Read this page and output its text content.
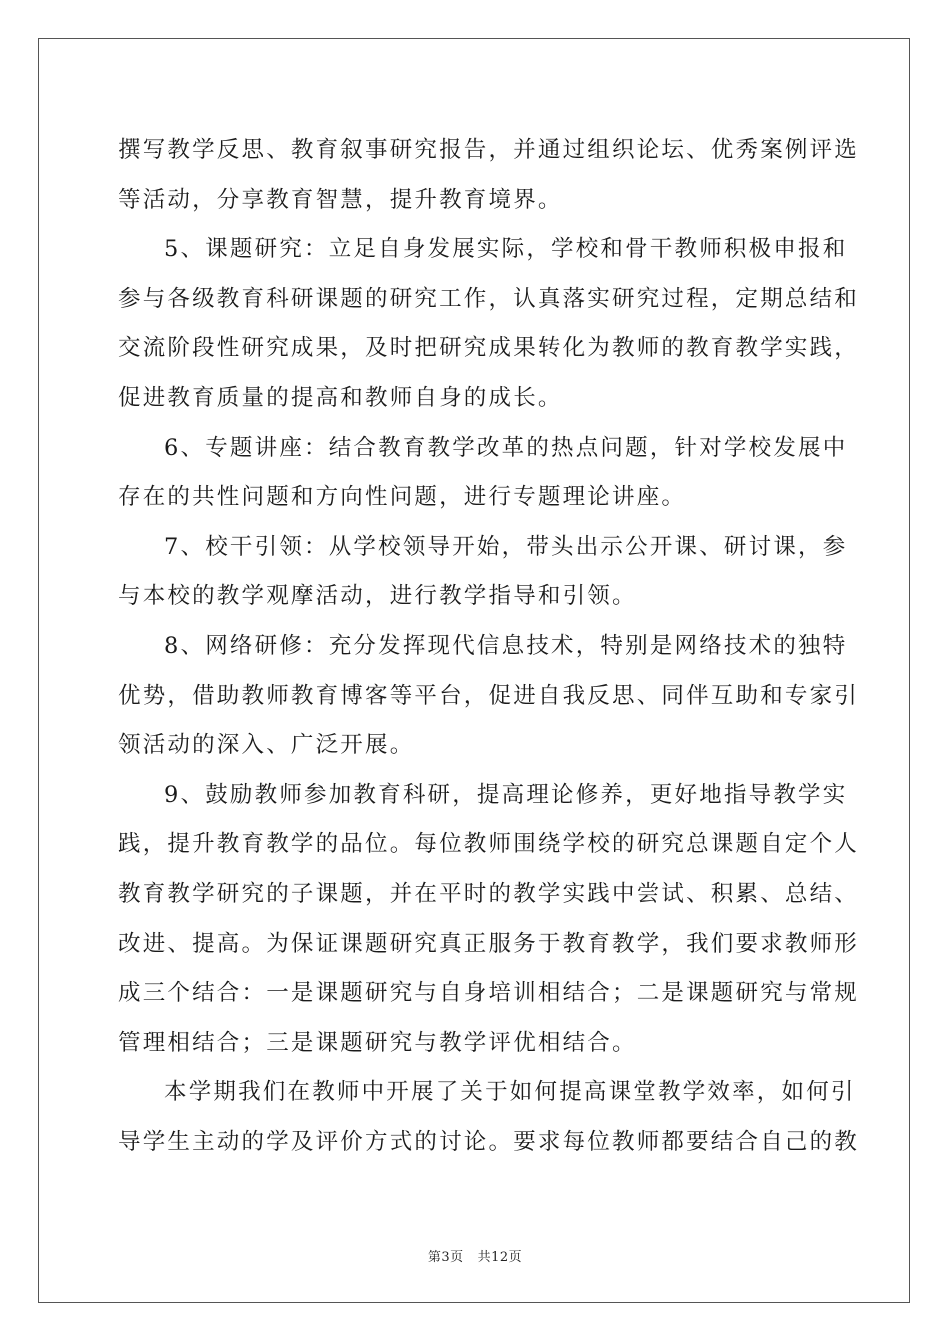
撰写教学反思、教育叙事研究报告，并通过组织论坛、优秀案例评选
等活动，分享教育智慧，提升教育境界。
5、课题研究：立足自身发展实际，学校和骨干教师积极申报和
参与各级教育科研课题的研究工作，认真落实研究过程，定期总结和
交流阶段性研究成果，及时把研究成果转化为教师的教育教学实践，
促进教育质量的提高和教师自身的成长。
6、专题讲座：结合教育教学改革的热点问题，针对学校发展中
存在的共性问题和方向性问题，进行专题理论讲座。
7、校干引领：从学校领导开始，带头出示公开课、研讨课，参
与本校的教学观摩活动，进行教学指导和引领。
8、网络研修：充分发挥现代信息技术，特别是网络技术的独特
优势，借助教师教育博客等平台，促进自我反思、同伴互助和专家引
领活动的深入、广泛开展。
9、鼓励教师参加教育科研，提高理论修养，更好地指导教学实
践，提升教育教学的品位。每位教师围绕学校的研究总课题自定个人
教育教学研究的子课题，并在平时的教学实践中尝试、积累、总结、
改进、提高。为保证课题研究真正服务于教育教学，我们要求教师形
成三个结合：一是课题研究与自身培训相结合；二是课题研究与常规
管理相结合；三是课题研究与教学评优相结合。
本学期我们在教师中开展了关于如何提高课堂教学效率，如何引
导学生主动的学及评价方式的讨论。要求每位教师都要结合自己的教
第3页 共12页
